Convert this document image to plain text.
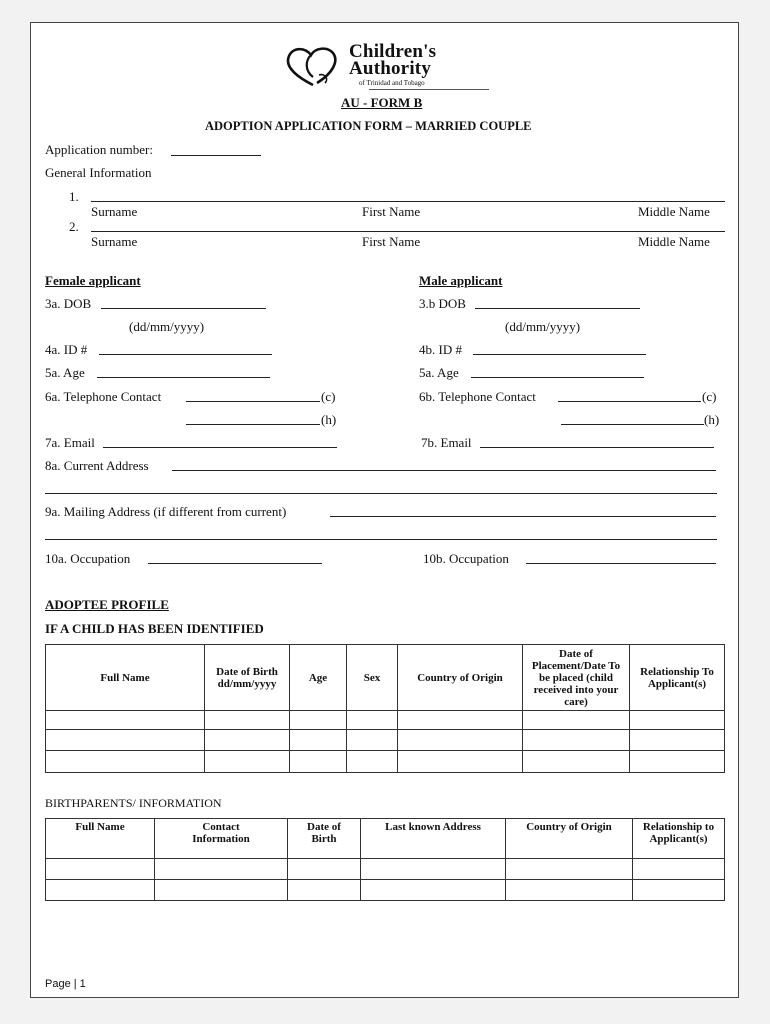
Children's
Authority
of Trinidad and Tobago
AU - FORM B
ADOPTION APPLICATION FORM – MARRIED COUPLE
Application number:
General Information
1.
Surname	First Name	Middle Name
2.
Surname	First Name	Middle Name
Female applicant	Male applicant
3a. DOB	3.b DOB
(dd/mm/yyyy)	(dd/mm/yyyy)
4a. ID #	4b. ID #
5a. Age	5a. Age
6a. Telephone Contact	(c)	6b. Telephone Contact	(c)
(h)	(h)
7a. Email	7b. Email
8a. Current Address
9a. Mailing Address (if different from current)
10a. Occupation	10b. Occupation
ADOPTEE PROFILE
IF A CHILD HAS BEEN IDENTIFIED
Full Name	Date of Birth dd/mm/yyyy	Age	Sex	Country of Origin	Date of Placement/Date To be placed (child received into your care)	Relationship To Applicant(s)

BIRTHPARENTS/ INFORMATION
Full Name	Contact Information	Date of Birth	Last known Address	Country of Origin	Relationship to Applicant(s)

Page | 1
